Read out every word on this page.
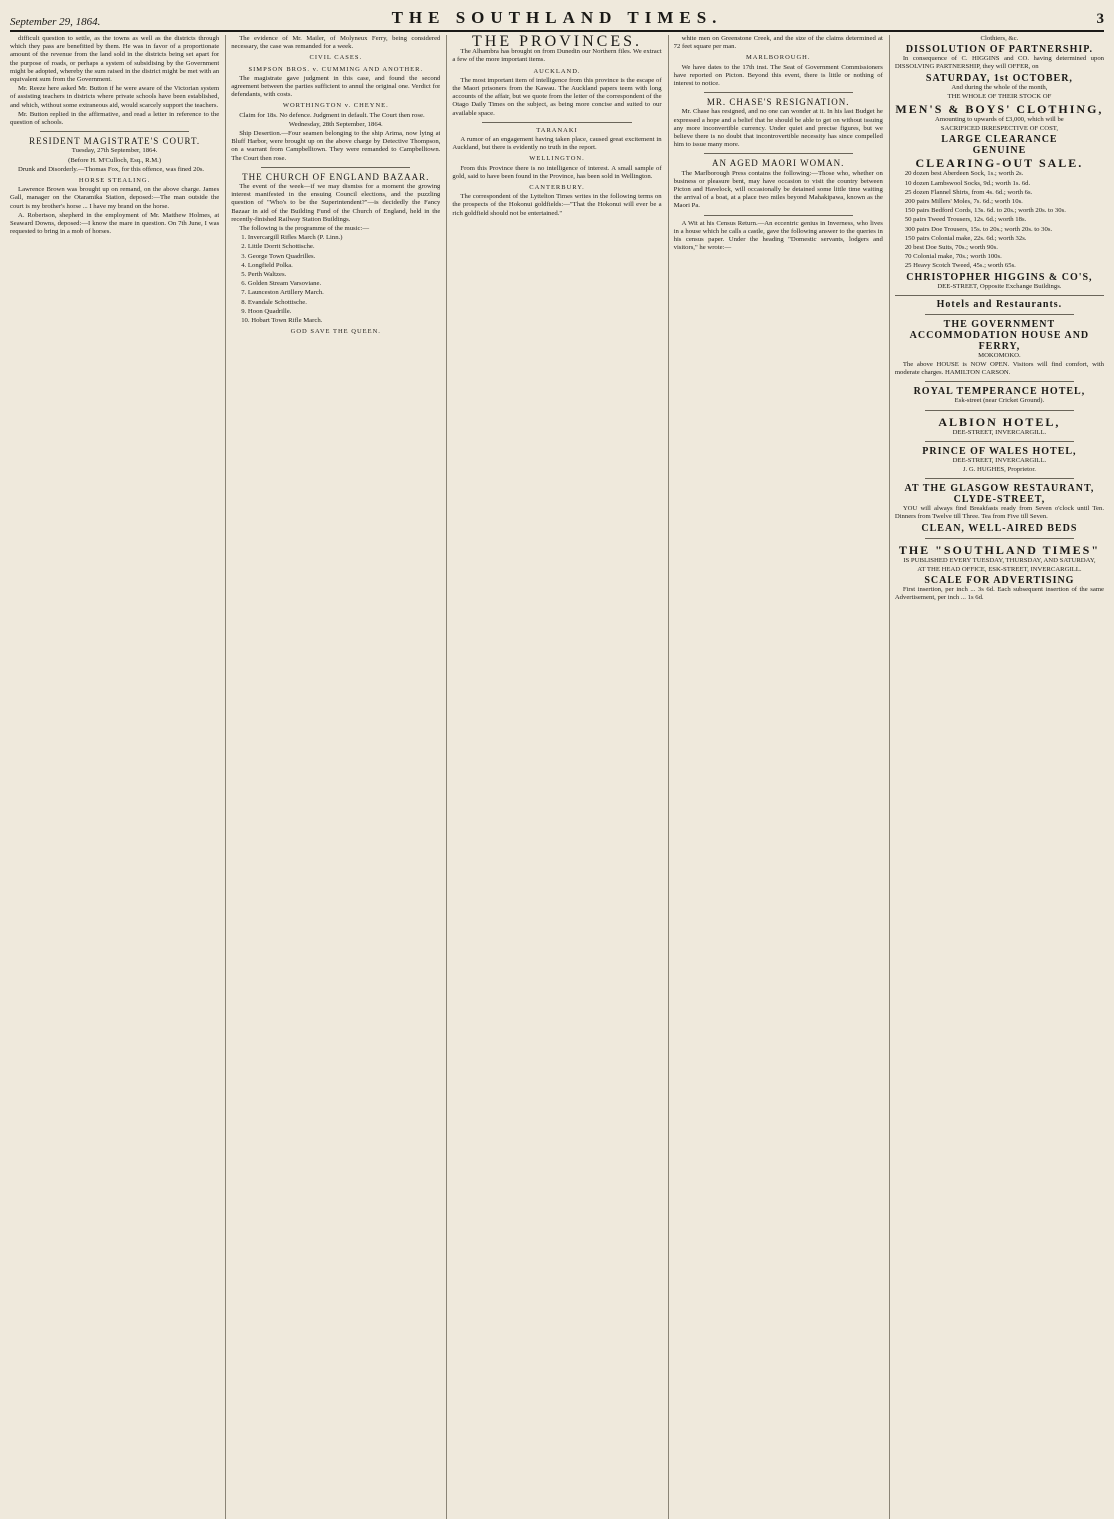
September 29, 1864.	THE SOUTHLAND TIMES.	3

difficult question to settle, as the towns as well as the districts through which they pass are benefitted by them. He was in favor of a proportionate amount of the revenue from the land sold in the districts being set apart for the purpose of roads, or perhaps a system of subsidising by the Government might be adopted, whereby the sum raised in the district might be met with an equivalent sum from the Government.

Mr. Reeze here asked Mr. Button if he were aware of the Victorian system of assisting teachers in districts where private schools have been established, and which, without some extraneous aid, would scarcely support the teachers.

Mr. Button replied in the affirmative, and read a letter in reference to the question of schools.

RESIDENT MAGISTRATE'S COURT.

Tuesday, 27th September, 1864.

(Before H. M'Culloch, Esq., R.M.)

Drunk and Disorderly.—Thomas Fox, for this offence, was fined 20s.

HORSE STEALING.

Lawrence Brown was brought up on remand, on the above charge. James Gall, manager on the Otaramika Station, deposed:—The man outside the court is my brother's horse ... I have my brand on the horse.

A. Robertson, shepherd in the employment of Mr. Matthew Holmes, at Seaward Downs, deposed:—I know the mare in question. On 7th June, I was requested to bring in a mob of horses.

The evidence of Mr. Mailer, of Molyneux Ferry, being considered necessary, the case was remanded for a week.

CIVIL CASES.
SIMPSON BROS. v. CUMMING AND ANOTHER.

The magistrate gave judgment in this case, and found the second agreement between the parties sufficient to annul the original one. Verdict for defendants, with costs.

WORTHINGTON v. CHEYNE.

Claim for 18s. No defence. Judgment in default. The Court then rose.

Wednesday, 28th September, 1864.

Ship Desertion.—Four seamen belonging to the ship Arima, now lying at Bluff Harbor, were brought up on the above charge by Detective Thompson, on a warrant from Campbelltown. They were remanded to Campbelltown. The Court then rose.

THE CHURCH OF ENGLAND BAZAAR.

The event of the week—if we may dismiss for a moment the growing interest manifested in the ensuing Council elections, and the puzzling question of "Who's to be the Superintendent?"—is decidedly the Fancy Bazaar in aid of the Building Fund of the Church of England, held in the recently-finished Railway Station Buildings.

The following is the programme of the music:—

1. Invercargill Rifles March (P. Linn.)

2. Little Dorrit Schottische.

3. George Town Quadrilles.

4. Longfield Polka.

5. Perth Waltzes.

6. Golden Stream Varsoviane.

7. Launceston Artillery March.

8. Evandale Schottische.

9. Hoon Quadrille.

10. Hobart Town Rifle March.

GOD SAVE THE QUEEN.
THE PROVINCES.

The Alhambra has brought on from Dunedin our Northern files. We extract a few of the more important items.

AUCKLAND.

The most important item of intelligence from this province is the escape of the Maori prisoners from the Kawau. The Auckland papers teem with long accounts of the affair, but we quote from the letter of the correspondent of the Otago Daily Times on the subject, as being more concise and suited to our available space.

TARANAKI

A rumor of an engagement having taken place, caused great excitement in Auckland, but there is evidently no truth in the report.

WELLINGTON.

From this Province there is no intelligence of interest. A small sample of gold, said to have been found in the Province, has been sold in Wellington.

CANTERBURY.

The correspondent of the Lyttelton Times writes in the following terms on the prospects of the Hokonui goldfields:—"That the Hokonui will ever be a rich goldfield should not be entertained."

white men on Greenstone Creek, and the size of the claims determined at 72 feet square per man.

MARLBOROUGH.

We have dates to the 17th inst. The Seat of Government Commissioners have reported on Picton. Beyond this event, there is little or nothing of interest to notice.

MR. CHASE'S RESIGNATION.

Mr. Chase has resigned, and no one can wonder at it. In his last Budget he expressed a hope and a belief that he should be able to get on without issuing any more inconvertible currency. Under quiet and precise figures, but we believe there is no doubt that incontrovertible necessity has since compelled him to issue many more.

AN AGED MAORI WOMAN.

The Marlborough Press contains the following:—Those who, whether on business or pleasure bent, may have occasion to visit the country between Picton and Havelock, will occasionally be detained some little time waiting the arrival of a boat, at a place two miles beyond Mahakipawa, known as the Maori Pa.

A Wit at his Census Return.—An eccentric genius in Inverness, who lives in a house which he calls a castle, gave the following answer to the queries in his census paper. Under the heading "Domestic servants, lodgers and visitors," he wrote:—

Clothiers, &c.

DISSOLUTION OF PARTNERSHIP.

In consequence of C. HIGGINS and CO. having determined upon DISSOLVING PARTNERSHIP, they will OFFER, on

SATURDAY, 1st OCTOBER,

And during the whole of the month,

THE WHOLE OF THEIR STOCK OF

MEN'S & BOYS' CLOTHING,

Amounting to upwards of £3,000, which will be

SACRIFICED IRRESPECTIVE OF COST,

LARGE CLEARANCE
GENUINE
CLEARING-OUT SALE.

20 dozen best Aberdeen Sock, 1s.; worth 2s.

10 dozen Lambswool Socks, 9d.; worth 1s. 6d.

25 dozen Flannel Shirts, from 4s. 6d.; worth 6s.

200 pairs Millers' Moles, 7s. 6d.; worth 10s.

150 pairs Bedford Cords, 13s. 6d. to 20s.; worth 20s. to 30s.

50 pairs Tweed Trousers, 12s. 6d.; worth 18s.

300 pairs Doe Trousers, 15s. to 20s.; worth 20s. to 30s.

150 pairs Colonial make, 22s. 6d.; worth 32s.

20 best Doe Suits, 70s.; worth 90s.

70 Colonial make, 70s.; worth 100s.

25 Heavy Scotch Tweed, 45s.; worth 65s.

CHRISTOPHER HIGGINS & CO'S,

DEE-STREET, Opposite Exchange Buildings.

Hotels and Restaurants.
THE GOVERNMENT ACCOMMODATION HOUSE AND FERRY,

MOKOMOKO.

The above HOUSE is NOW OPEN. Visitors will find comfort, with moderate charges. HAMILTON CARSON.

ROYAL TEMPERANCE HOTEL,

Esk-street (near Cricket Ground).

ALBION HOTEL,

DEE-STREET, INVERCARGILL.

PRINCE OF WALES HOTEL,

DEE-STREET, INVERCARGILL.

J. G. HUGHES, Proprietor.

AT THE GLASGOW RESTAURANT, CLYDE-STREET,

YOU will always find Breakfasts ready from Seven o'clock until Ten. Dinners from Twelve till Three. Tea from Five till Seven.

CLEAN, WELL-AIRED BEDS
THE "SOUTHLAND TIMES"

IS PUBLISHED EVERY TUESDAY, THURSDAY, AND SATURDAY,

AT THE HEAD OFFICE, ESK-STREET, INVERCARGILL.

SCALE FOR ADVERTISING

First insertion, per inch ... 3s 6d. Each subsequent insertion of the same Advertisement, per inch ... 1s 6d.
